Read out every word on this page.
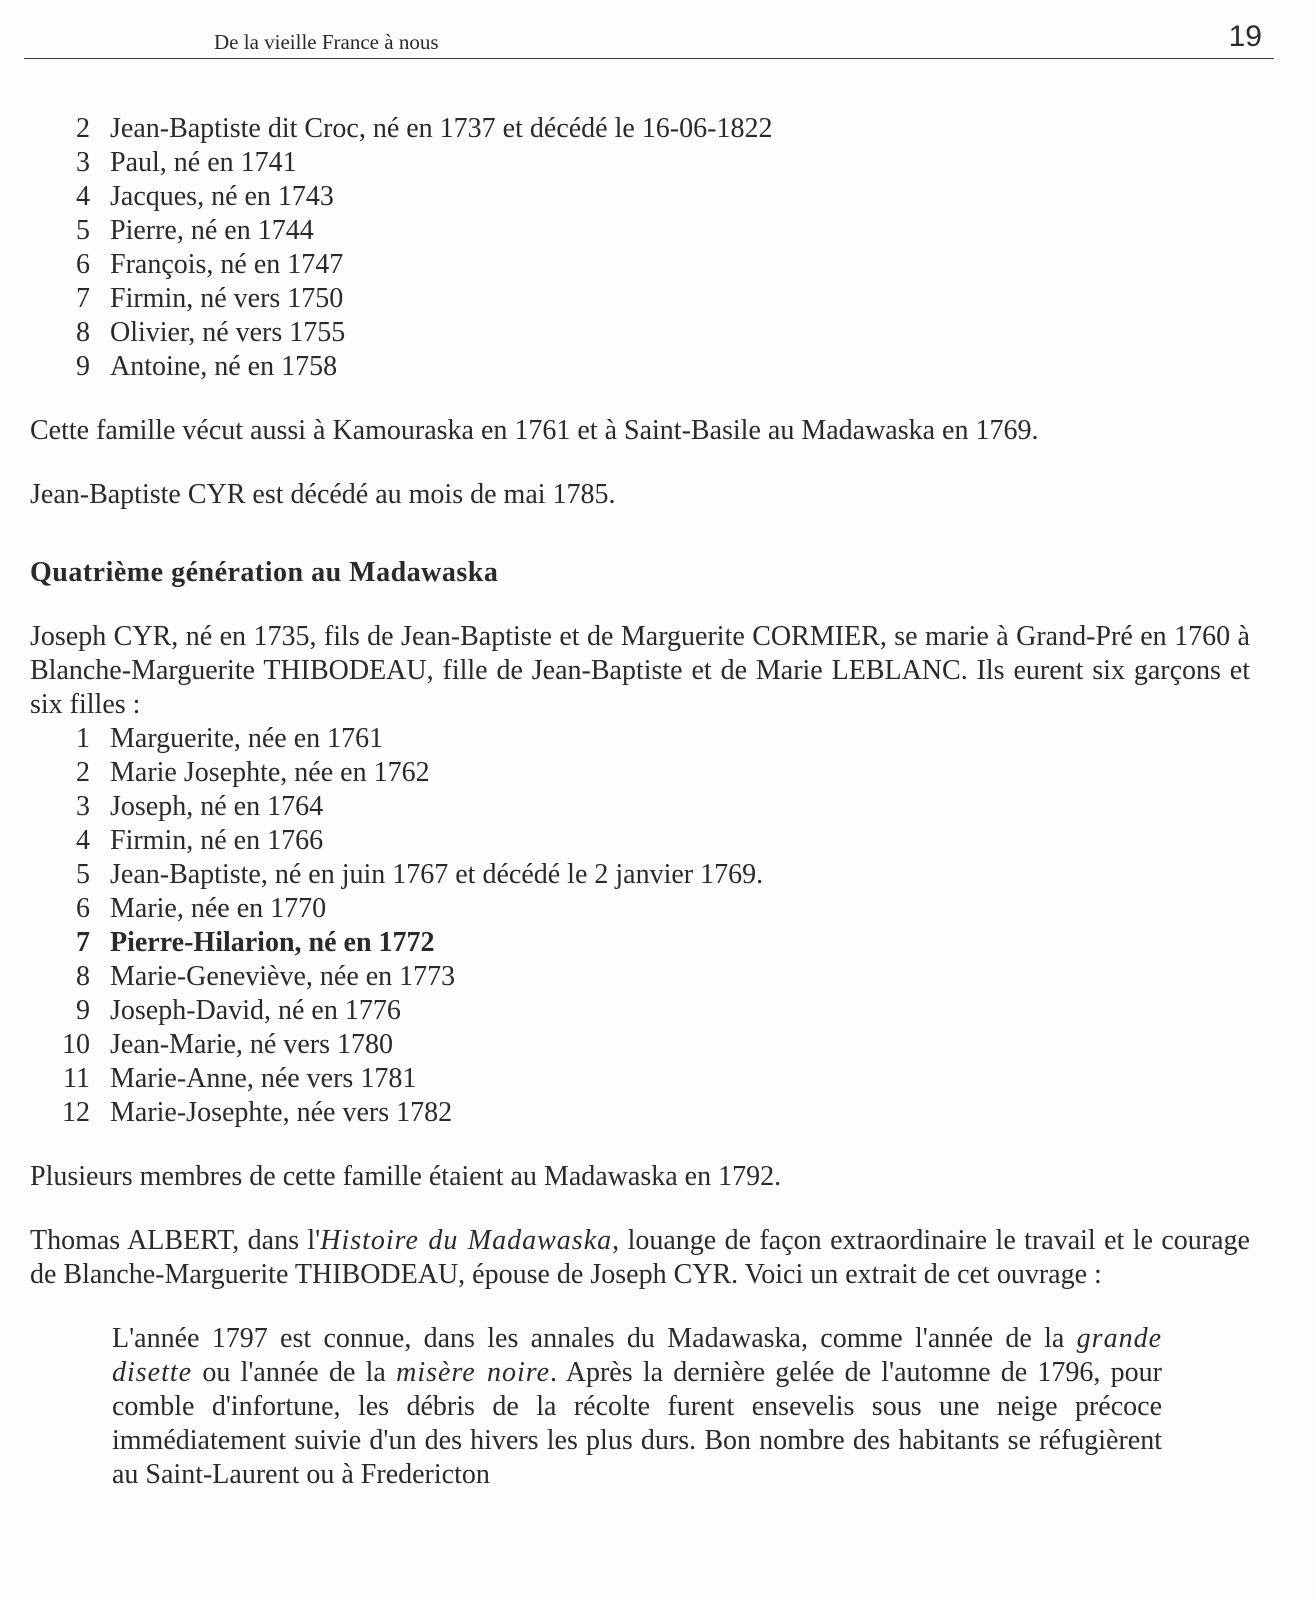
De la vieille France à nous	19
2 Jean-Baptiste dit Croc, né en 1737 et décédé le 16-06-1822
3 Paul, né en 1741
4 Jacques, né en 1743
5 Pierre, né en 1744
6 François, né en 1747
7 Firmin, né vers 1750
8 Olivier, né vers 1755
9 Antoine, né en 1758

Cette famille vécut aussi à Kamouraska en 1761 et à Saint-Basile au Madawaska en 1769.

Jean-Baptiste CYR est décédé au mois de mai 1785.

Quatrième génération au Madawaska

Joseph CYR, né en 1735, fils de Jean-Baptiste et de Marguerite CORMIER, se marie à Grand-Pré en 1760 à Blanche-Marguerite THIBODEAU, fille de Jean-Baptiste et de Marie LEBLANC. Ils eurent six garçons et six filles :

1 Marguerite, née en 1761
2 Marie Josephte, née en 1762
3 Joseph, né en 1764
4 Firmin, né en 1766
5 Jean-Baptiste, né en juin 1767 et décédé le 2 janvier 1769.
6 Marie, née en 1770
7 Pierre-Hilarion, né en 1772
8 Marie-Geneviève, née en 1773
9 Joseph-David, né en 1776
10 Jean-Marie, né vers 1780
11 Marie-Anne, née vers 1781
12 Marie-Josephte, née vers 1782

Plusieurs membres de cette famille étaient au Madawaska en 1792.

Thomas ALBERT, dans l'Histoire du Madawaska, louange de façon extraordinaire le travail et le courage de Blanche-Marguerite THIBODEAU, épouse de Joseph CYR. Voici un extrait de cet ouvrage :

L'année 1797 est connue, dans les annales du Madawaska, comme l'année de la grande disette ou l'année de la misère noire. Après la dernière gelée de l'automne de 1796, pour comble d'infortune, les débris de la récolte furent ensevelis sous une neige précoce immédiatement suivie d'un des hivers les plus durs. Bon nombre des habitants se réfugièrent au Saint-Laurent ou à Fredericton
